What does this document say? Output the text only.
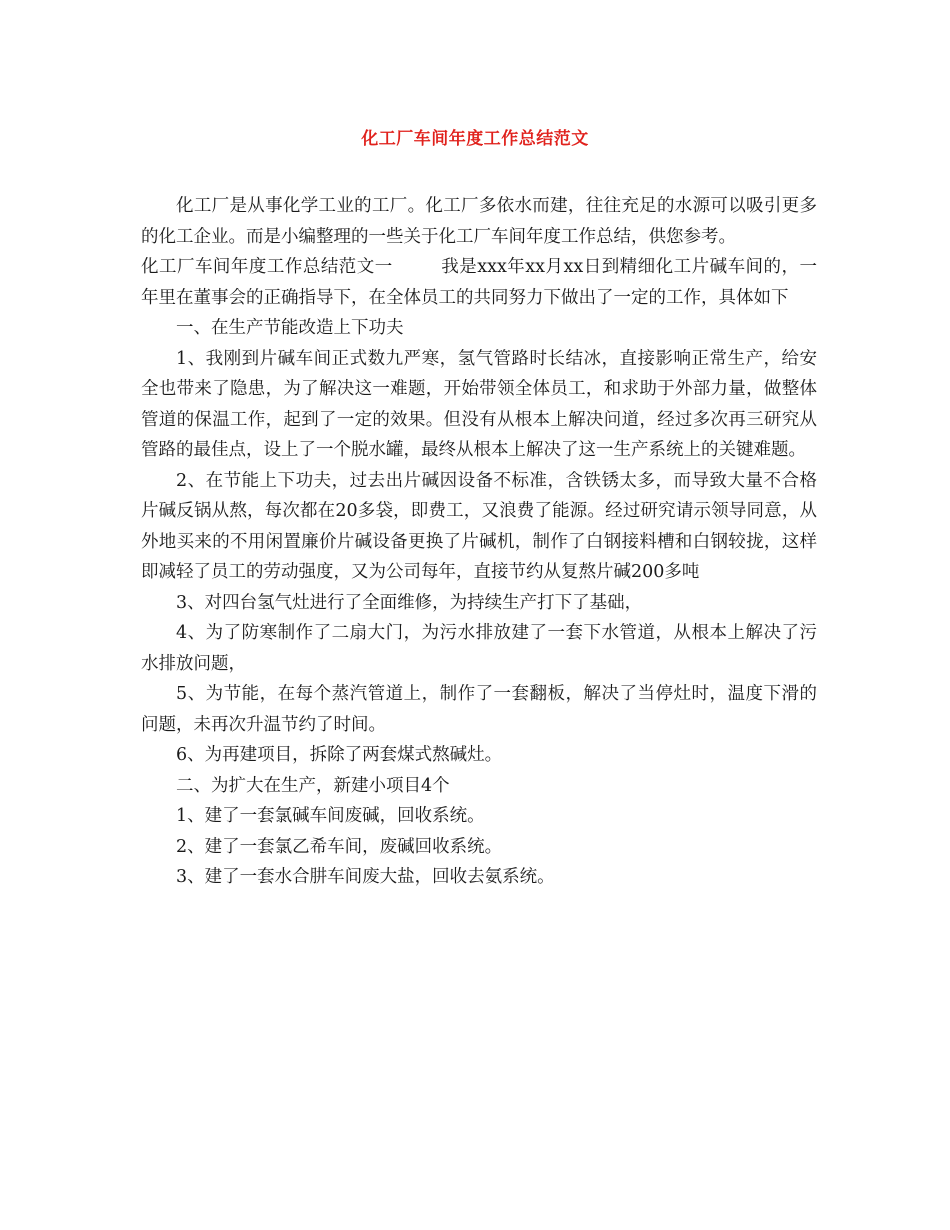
化工厂车间年度工作总结范文

化工厂是从事化学工业的工厂。化工厂多依水而建，往往充足的水源可以吸引更多的化工企业。而是小编整理的一些关于化工厂车间年度工作总结，供您参考。

化工厂车间年度工作总结范文一	我是xxx年xx月xx日到精细化工片碱车间的，一年里在董事会的正确指导下，在全体员工的共同努力下做出了一定的工作，具体如下

一、在生产节能改造上下功夫

1、我刚到片碱车间正式数九严寒，氢气管路时长结冰，直接影响正常生产，给安全也带来了隐患，为了解决这一难题，开始带领全体员工，和求助于外部力量，做整体管道的保温工作，起到了一定的效果。但没有从根本上解决问道，经过多次再三研究从管路的最佳点，设上了一个脱水罐，最终从根本上解决了这一生产系统上的关键难题。

2、在节能上下功夫，过去出片碱因设备不标准，含铁锈太多，而导致大量不合格片碱反锅从熬，每次都在20多袋，即费工，又浪费了能源。经过研究请示领导同意，从外地买来的不用闲置廉价片碱设备更换了片碱机，制作了白钢接料槽和白钢较拢，这样即减轻了员工的劳动强度，又为公司每年，直接节约从复熬片碱200多吨

3、对四台氢气灶进行了全面维修，为持续生产打下了基础，

4、为了防寒制作了二扇大门，为污水排放建了一套下水管道，从根本上解决了污水排放问题，

5、为节能，在每个蒸汽管道上，制作了一套翻板，解决了当停灶时，温度下滑的问题，未再次升温节约了时间。

6、为再建项目，拆除了两套煤式熬碱灶。

二、为扩大在生产，新建小项目4个

1、建了一套氯碱车间废碱，回收系统。

2、建了一套氯乙希车间，废碱回收系统。

3、建了一套水合肼车间废大盐，回收去氨系统。
